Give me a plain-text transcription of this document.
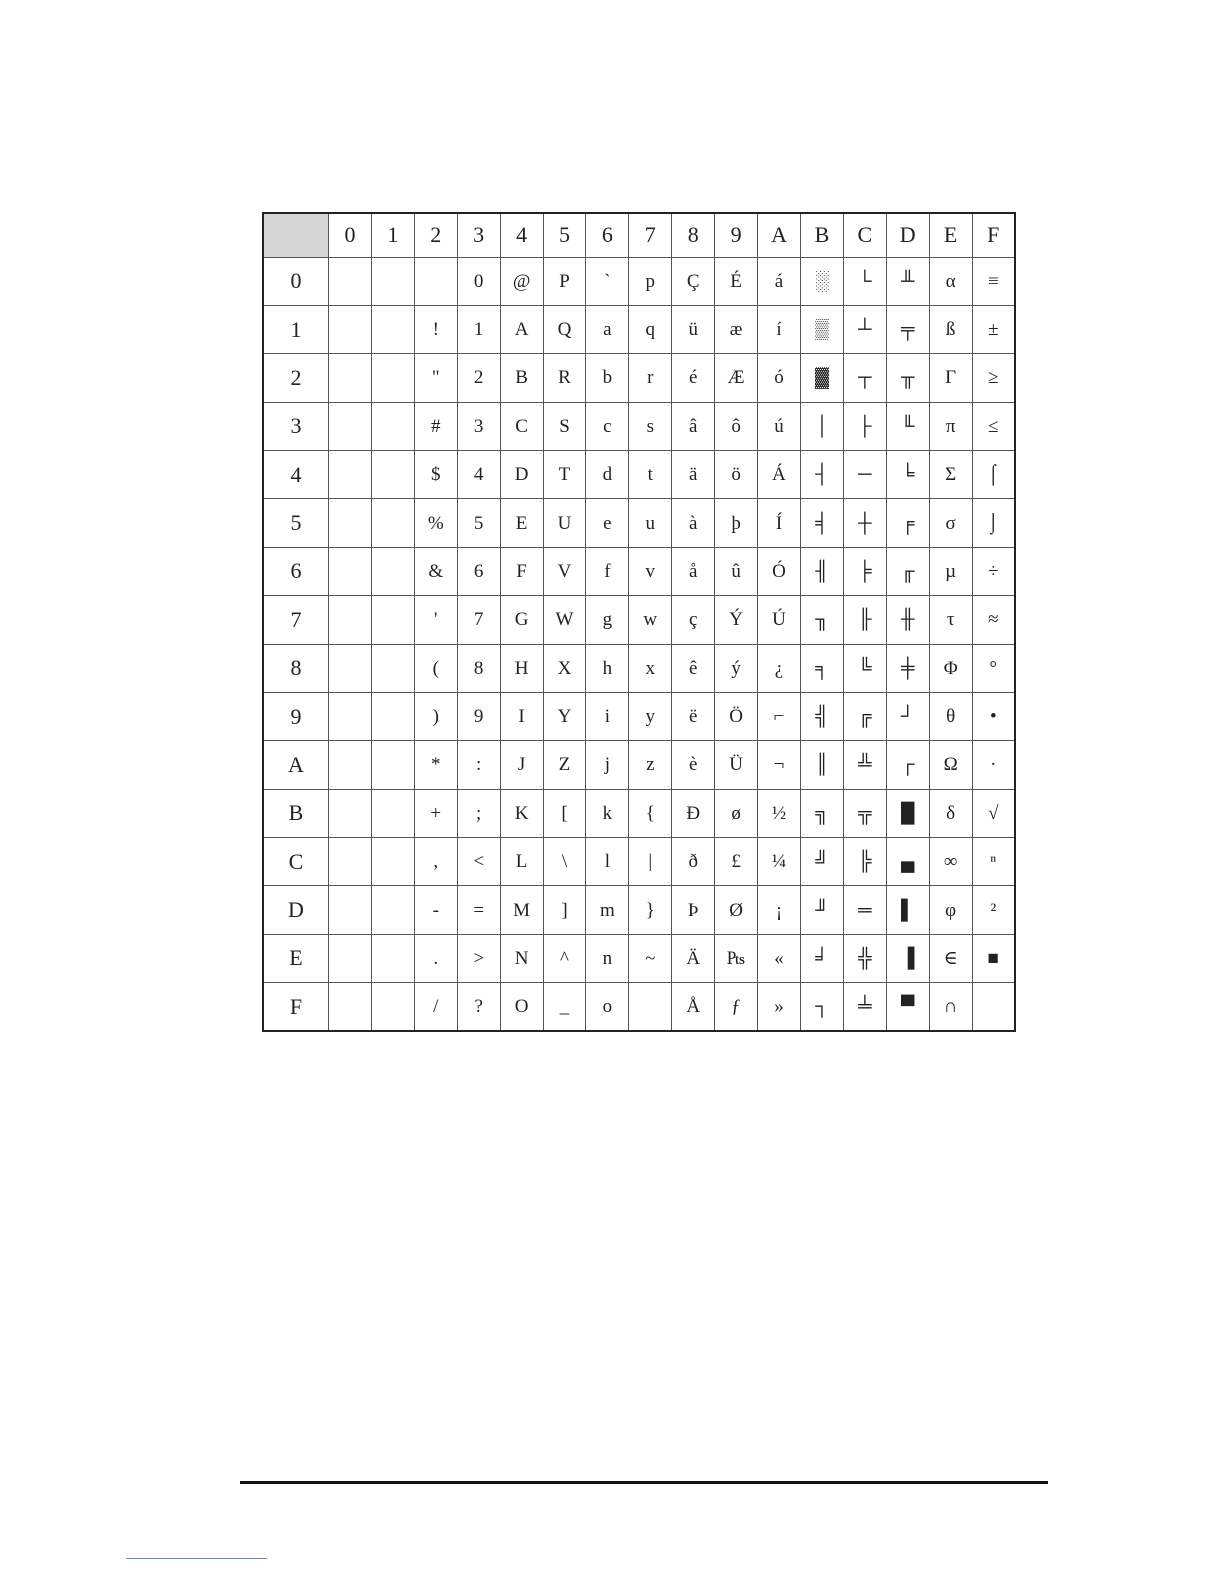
	0	1	2	3	4	5	6	7	8	9	A	B	C	D	E	F
0				0	@	P	`	p	Ç	É	á	░	└	╨	α	≡
1			!	1	A	Q	a	q	ü	æ	í	▒	┴	╤	ß	±
2			"	2	B	R	b	r	é	Æ	ó	▓	┬	╥	Γ	≥
3			#	3	C	S	c	s	â	ô	ú	│	├	╙	π	≤
4			$	4	D	T	d	t	ä	ö	Á	┤	─	╘	Σ	⌠
5			%	5	E	U	e	u	à	þ	Í	╡	┼	╒	σ	⌡
6			&	6	F	V	f	v	å	û	Ó	╢	╞	╓	µ	÷
7			'	7	G	W	g	w	ç	Ý	Ú	╖	╟	╫	τ	≈
8			(	8	H	X	h	x	ê	ý	¿	╕	╚	╪	Φ	°
9			)	9	I	Y	i	y	ë	Ö	⌐	╣	╔	┘	θ	•
A			*	:	J	Z	j	z	è	Ü	¬	║	╩	┌	Ω	·
B			+	;	K	[	k	{	Ð	ø	½	╗	╦	█	δ	√
C			,	<	L	\	l	|	ð	£	¼	╝	╠	▄	∞	ⁿ
D			-	=	M	]	m	}	Þ	Ø	¡	╜	═	▌	φ	²
E			.	>	N	^	n	~	Ä	₧	«	╛	╬	▐	∈	■
F			/	?	O	_	o		Å	ƒ	»	┐	╧	▀	∩	
